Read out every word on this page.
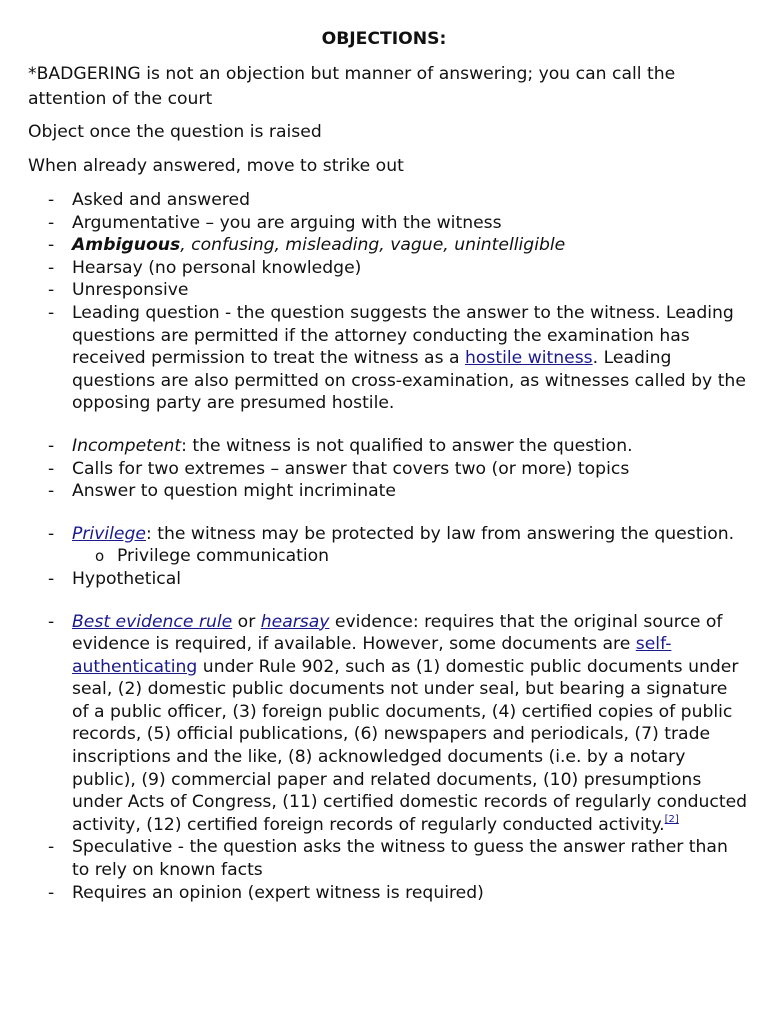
OBJECTIONS:

*BADGERING is not an objection but manner of answering; you can call the attention of the court

Object once the question is raised

When already answered, move to strike out

- Asked and answered
- Argumentative – you are arguing with the witness
- Ambiguous, confusing, misleading, vague, unintelligible
- Hearsay (no personal knowledge)
- Unresponsive
- Leading question - the question suggests the answer to the witness. Leading questions are permitted if the attorney conducting the examination has received permission to treat the witness as a hostile witness. Leading questions are also permitted on cross-examination, as witnesses called by the opposing party are presumed hostile.
- Incompetent: the witness is not qualified to answer the question.
- Calls for two extremes – answer that covers two (or more) topics
- Answer to question might incriminate
- Privilege: the witness may be protected by law from answering the question.
o Privilege communication
- Hypothetical
- Best evidence rule or hearsay evidence: requires that the original source of evidence is required, if available. However, some documents are self-authenticating under Rule 902, such as (1) domestic public documents under seal, (2) domestic public documents not under seal, but bearing a signature of a public officer, (3) foreign public documents, (4) certified copies of public records, (5) official publications, (6) newspapers and periodicals, (7) trade inscriptions and the like, (8) acknowledged documents (i.e. by a notary public), (9) commercial paper and related documents, (10) presumptions under Acts of Congress, (11) certified domestic records of regularly conducted activity, (12) certified foreign records of regularly conducted activity.[2]
- Speculative - the question asks the witness to guess the answer rather than to rely on known facts
- Requires an opinion (expert witness is required)
